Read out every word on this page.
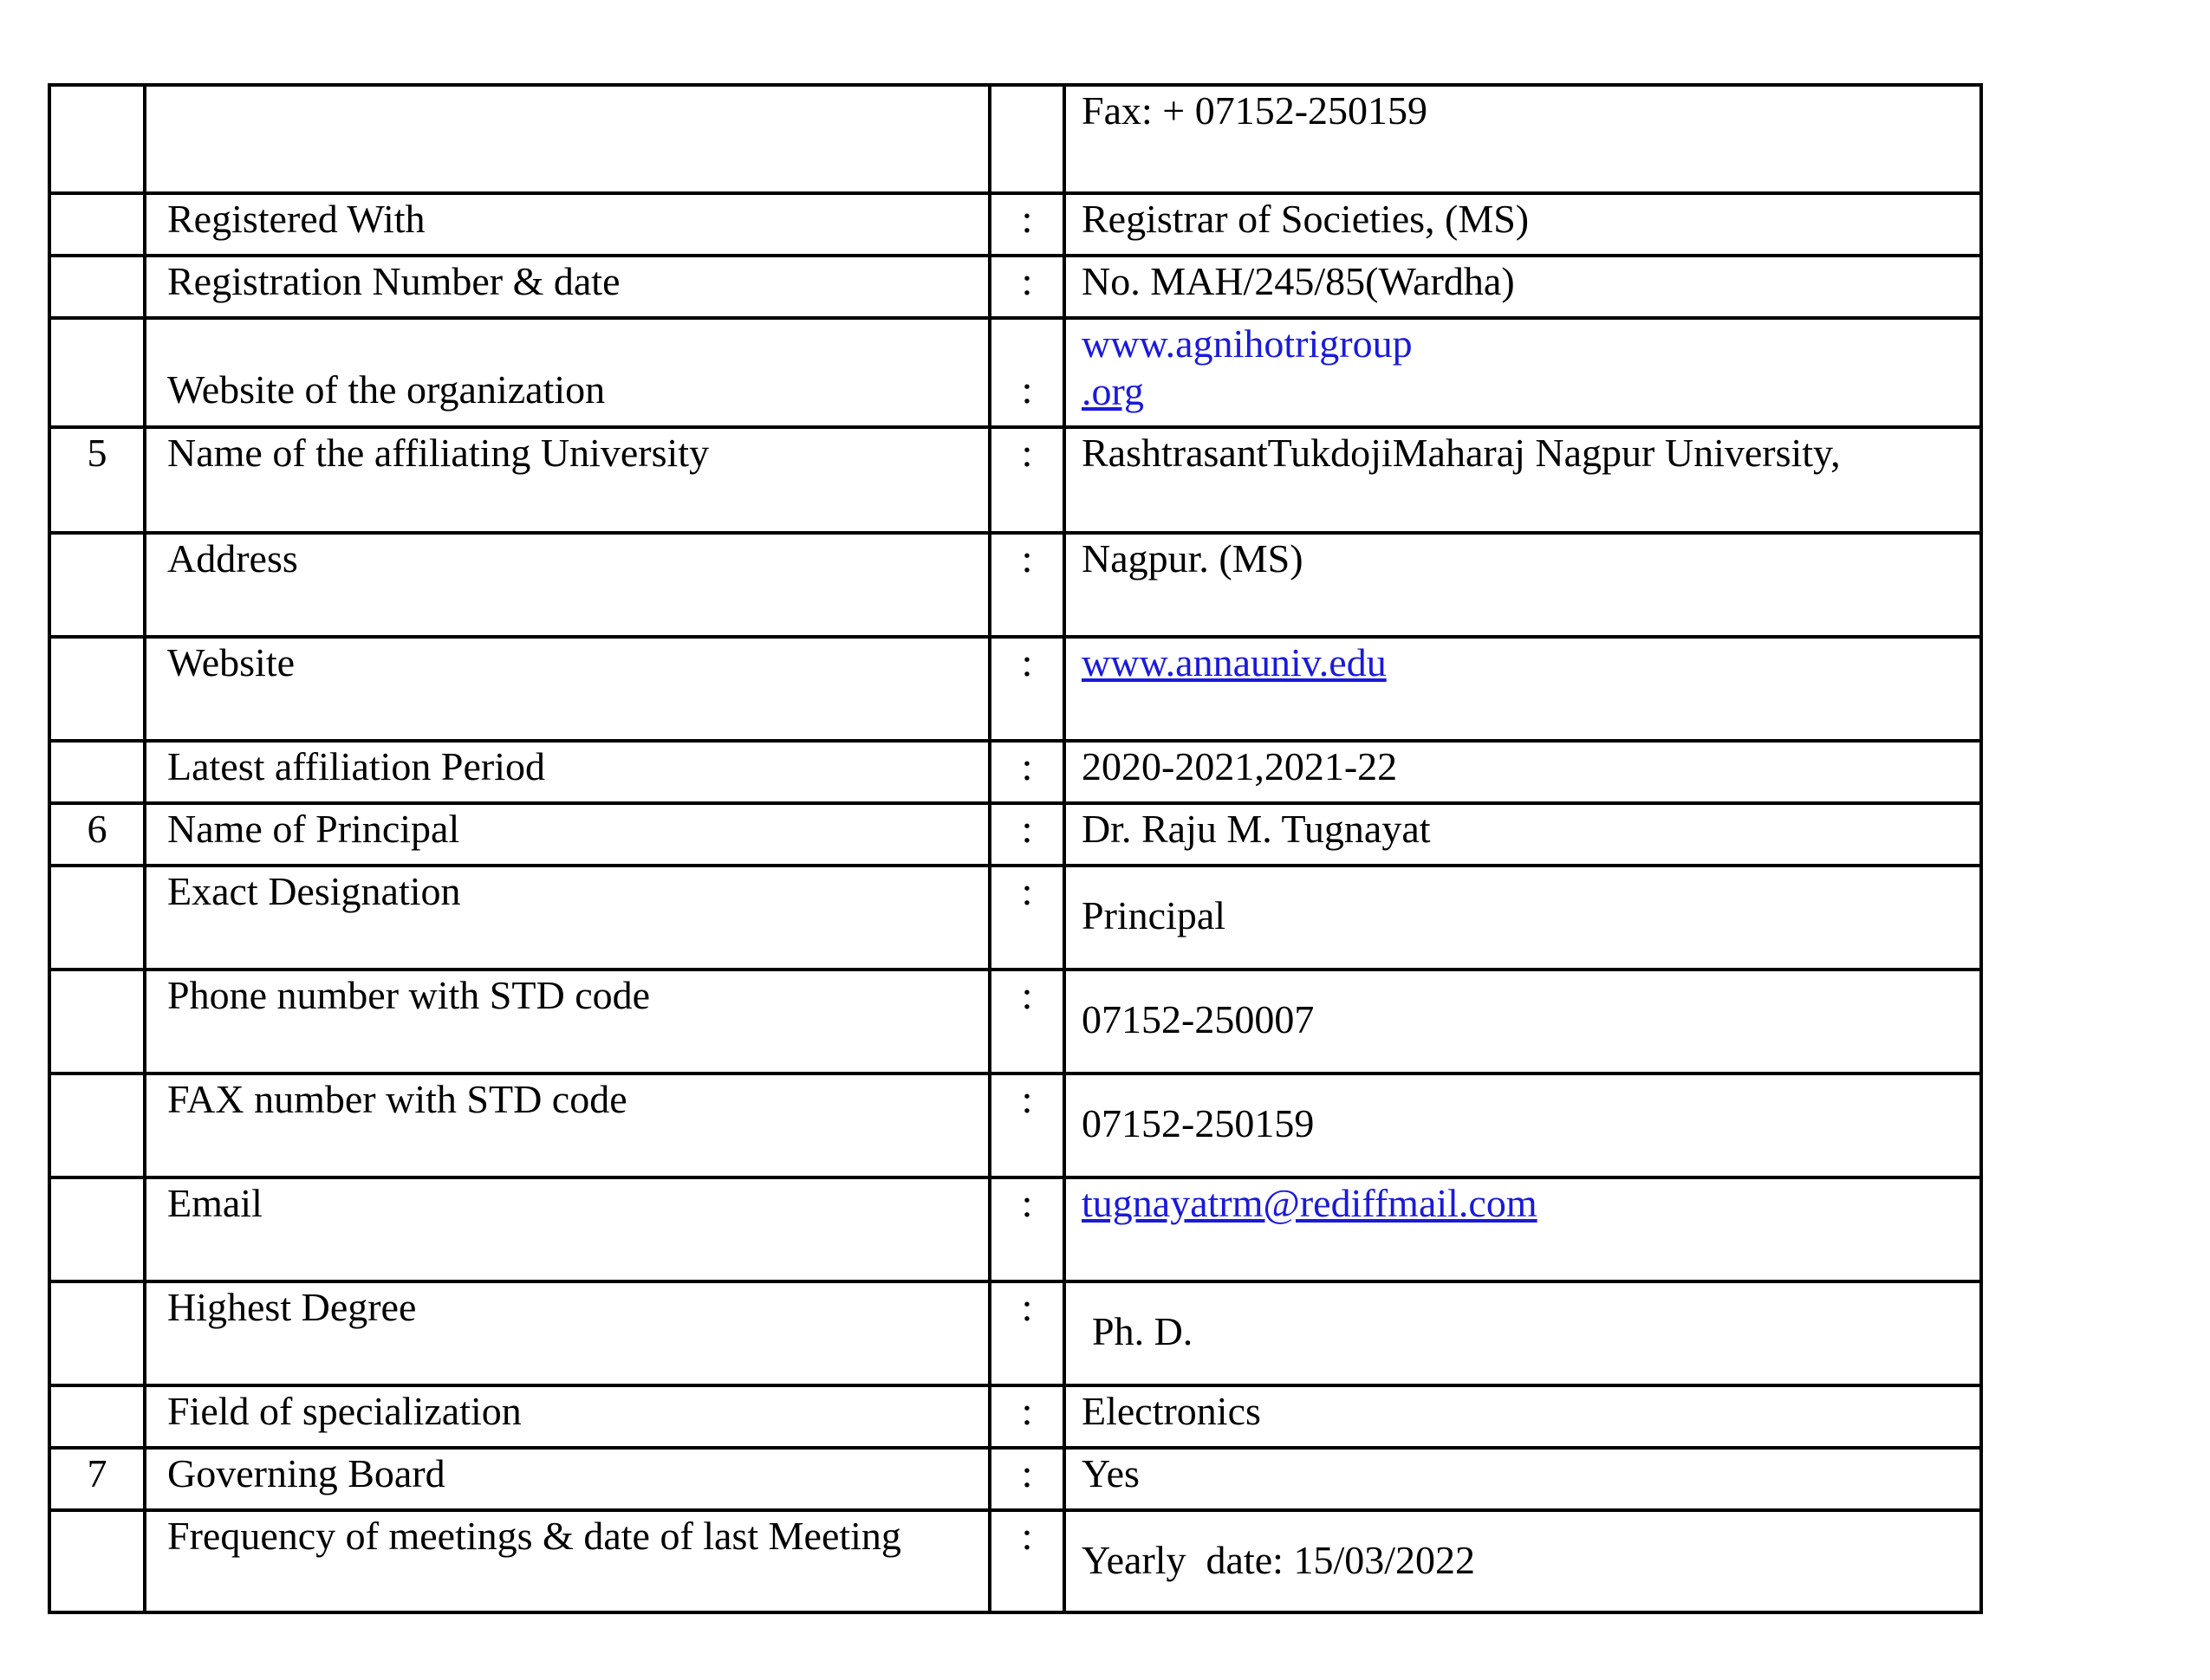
			Fax: + 07152-250159
	Registered With	:	Registrar of Societies, (MS)
	Registration Number & date	:	No. MAH/245/85(Wardha)
	Website of the organization	:	www.agnihotrigroup
.org

5	Name of the affiliating University	:	RashtrasantTukdojiMaharaj Nagpur University,
	Address	:	Nagpur. (MS)
	Website	:	www.annauniv.edu
	Latest affiliation Period	:	2020-2021,2021-22
6	Name of Principal	:	Dr. Raju M. Tugnayat
	Exact Designation	:	Principal
	Phone number with STD code	:	07152-250007
	FAX number with STD code	:	07152-250159
	Email	:	tugnayatrm@rediffmail.com
	Highest Degree	:	Ph. D.
	Field of specialization	:	Electronics
7	Governing Board	:	Yes
	Frequency of meetings & date of last Meeting	:	Yearly  date: 15/03/2022
